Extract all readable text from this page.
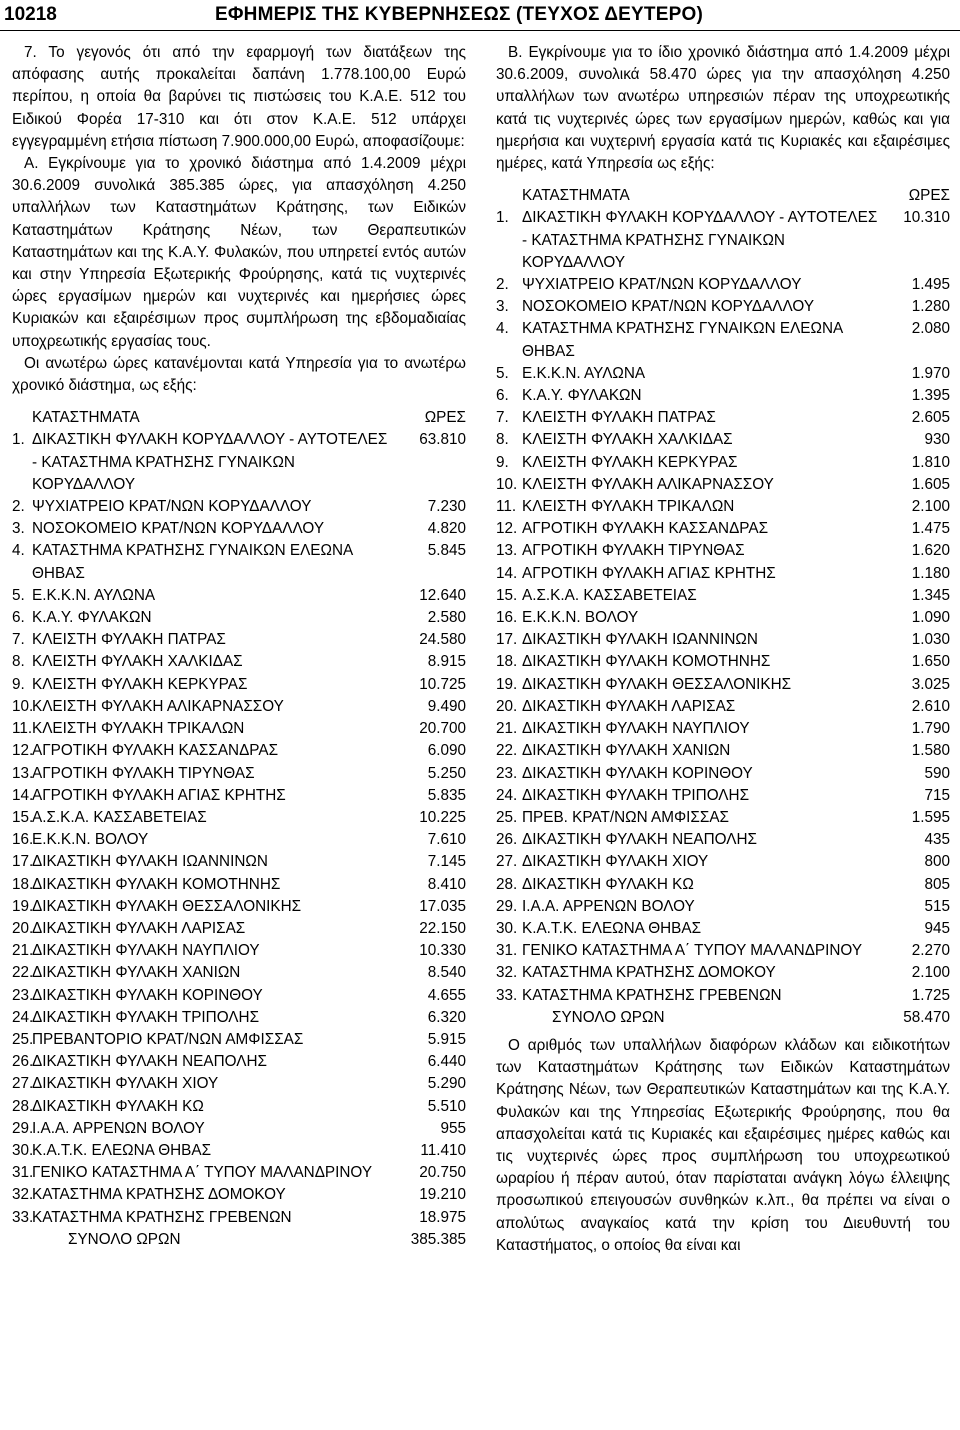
10218	ΕΦΗΜΕΡΙΣ ΤΗΣ ΚΥΒΕΡΝΗΣΕΩΣ (ΤΕΥΧΟΣ ΔΕΥΤΕΡΟ)
7. Το γεγονός ότι από την εφαρμογή των διατάξεων της απόφασης αυτής προκαλείται δαπάνη 1.778.100,00 Ευρώ περίπου, η οποία θα βαρύνει τις πιστώσεις του Κ.Α.Ε. 512 του Ειδικού Φορέα 17-310 και ότι στον Κ.Α.Ε. 512 υπάρχει εγγεγραμμένη ετήσια πίστωση 7.900.000,00 Ευρώ, αποφασίζουμε:
Α. Εγκρίνουμε για το χρονικό διάστημα από 1.4.2009 μέχρι 30.6.2009 συνολικά 385.385 ώρες, για απασχόληση 4.250 υπαλλήλων των Καταστημάτων Κράτησης, των Ειδικών Καταστημάτων Κράτησης Νέων, των Θεραπευτικών Καταστημάτων και της Κ.Α.Υ. Φυλακών, που υπηρετεί εντός αυτών και στην Υπηρεσία Εξωτερικής Φρούρησης, κατά τις νυχτερινές ώρες εργασίμων ημερών και νυχτερινές και ημερήσιες ώρες Κυριακών και εξαιρέσιμων προς συμπλήρωση της εβδομαδιαίας υποχρεωτικής εργασίας τους.
Οι ανωτέρω ώρες κατανέμονται κατά Υπηρεσία για το ανωτέρω χρονικό διάστημα, ως εξής:
ΚΑΤΑΣΤΗΜΑΤΑ	ΩΡΕΣ
1. ΔΙΚΑΣΤΙΚΗ ΦΥΛΑΚΗ ΚΟΡΥΔΑΛΛΟΥ - ΑΥΤΟΤΕΛΕΣ	63.810
- ΚΑΤΑΣΤΗΜΑ ΚΡΑΤΗΣΗΣ ΓΥΝΑΙΚΩΝ ΚΟΡΥΔΑΛΛΟΥ
2. ΨΥΧΙΑΤΡΕΙΟ ΚΡΑΤ/ΝΩΝ ΚΟΡΥΔΑΛΛΟΥ	7.230
3. ΝΟΣΟΚΟΜΕΙΟ ΚΡΑΤ/ΝΩΝ ΚΟΡΥΔΑΛΛΟΥ	4.820
4. ΚΑΤΑΣΤΗΜΑ ΚΡΑΤΗΣΗΣ ΓΥΝΑΙΚΩΝ ΕΛΕΩΝΑ ΘΗΒΑΣ
5.845
5. Ε.Κ.Κ.Ν. ΑΥΛΩΝΑ	12.640
6. Κ.Α.Υ. ΦΥΛΑΚΩΝ	2.580
7. ΚΛΕΙΣΤΗ ΦΥΛΑΚΗ ΠΑΤΡΑΣ	24.580
8. ΚΛΕΙΣΤΗ ΦΥΛΑΚΗ ΧΑΛΚΙΔΑΣ	8.915
9. ΚΛΕΙΣΤΗ ΦΥΛΑΚΗ ΚΕΡΚΥΡΑΣ	10.725
10.
ΚΛΕΙΣΤΗ ΦΥΛΑΚΗ ΑΛΙΚΑΡΝΑΣΣΟΥ	9.490
11. ΚΛΕΙΣΤΗ ΦΥΛΑΚΗ ΤΡΙΚΑΛΩΝ	20.700
12.
ΑΓΡΟΤΙΚΗ ΦΥΛΑΚΗ ΚΑΣΣΑΝΔΡΑΣ	6.090
13.
ΑΓΡΟΤΙΚΗ ΦΥΛΑΚΗ ΤΙΡΥΝΘΑΣ	5.250
14.
ΑΓΡΟΤΙΚΗ ΦΥΛΑΚΗ ΑΓΙΑΣ ΚΡΗΤΗΣ	5.835
15.
Α.Σ.Κ.Α. ΚΑΣΣΑΒΕΤΕΙΑΣ	10.225
16.
Ε.Κ.Κ.Ν. ΒΟΛΟΥ	7.610
17.
ΔΙΚΑΣΤΙΚΗ ΦΥΛΑΚΗ ΙΩΑΝΝΙΝΩΝ	7.145
18.
ΔΙΚΑΣΤΙΚΗ ΦΥΛΑΚΗ ΚΟΜΟΤΗΝΗΣ	8.410
19.
ΔΙΚΑΣΤΙΚΗ ΦΥΛΑΚΗ ΘΕΣΣΑΛΟΝΙΚΗΣ	17.035
20.
ΔΙΚΑΣΤΙΚΗ ΦΥΛΑΚΗ ΛΑΡΙΣΑΣ	22.150
21.
ΔΙΚΑΣΤΙΚΗ ΦΥΛΑΚΗ ΝΑΥΠΛΙΟΥ	10.330
22.
ΔΙΚΑΣΤΙΚΗ ΦΥΛΑΚΗ ΧΑΝΙΩΝ	8.540
23.
ΔΙΚΑΣΤΙΚΗ ΦΥΛΑΚΗ ΚΟΡΙΝΘΟΥ	4.655
24.
ΔΙΚΑΣΤΙΚΗ ΦΥΛΑΚΗ ΤΡΙΠΟΛΗΣ	6.320
25.
ΠΡΕΒΑΝΤΟΡΙΟ ΚΡΑΤ/ΝΩΝ ΑΜΦΙΣΣΑΣ	5.915
26.
ΔΙΚΑΣΤΙΚΗ ΦΥΛΑΚΗ ΝΕΑΠΟΛΗΣ	6.440
27.
ΔΙΚΑΣΤΙΚΗ ΦΥΛΑΚΗ ΧΙΟΥ	5.290
28.
ΔΙΚΑΣΤΙΚΗ ΦΥΛΑΚΗ ΚΩ	5.510
29.
Ι.Α.Α. ΑΡΡΕΝΩΝ ΒΟΛΟΥ	955
30.
Κ.Α.Τ.Κ. ΕΛΕΩΝΑ ΘΗΒΑΣ	11.410
31.
ΓΕΝΙΚΟ ΚΑΤΑΣΤΗΜΑ Α΄ ΤΥΠΟΥ ΜΑΛΑΝΔΡΙΝΟΥ	20.750
32.
ΚΑΤΑΣΤΗΜΑ ΚΡΑΤΗΣΗΣ ΔΟΜΟΚΟΥ	19.210
33.
ΚΑΤΑΣΤΗΜΑ ΚΡΑΤΗΣΗΣ ΓΡΕΒΕΝΩΝ	18.975
ΣΥΝΟΛΟ ΩΡΩΝ	385.385
Β. Εγκρίνουμε για το ίδιο χρονικό διάστημα από 1.4.2009 μέχρι 30.6.2009, συνολικά 58.470 ώρες για την απασχόληση 4.250 υπαλλήλων των ανωτέρω υπηρεσιών πέραν της υποχρεωτικής κατά τις νυχτερινές ώρες των εργασίμων ημερών, καθώς και για ημερήσια και νυχτερινή εργασία κατά τις Κυριακές και εξαιρέσιμες ημέρες, κατά Υπηρεσία ως εξής:
ΚΑΤΑΣΤΗΜΑΤΑ	ΩΡΕΣ
1. ΔΙΚΑΣΤΙΚΗ ΦΥΛΑΚΗ ΚΟΡΥΔΑΛΛΟΥ - ΑΥΤΟΤΕΛΕΣ	10.310
- ΚΑΤΑΣΤΗΜΑ ΚΡΑΤΗΣΗΣ ΓΥΝΑΙΚΩΝ ΚΟΡΥΔΑΛΛΟΥ
2. ΨΥΧΙΑΤΡΕΙΟ ΚΡΑΤ/ΝΩΝ ΚΟΡΥΔΑΛΛΟΥ	1.495
3. ΝΟΣΟΚΟΜΕΙΟ ΚΡΑΤ/ΝΩΝ ΚΟΡΥΔΑΛΛΟΥ	1.280
4. ΚΑΤΑΣΤΗΜΑ ΚΡΑΤΗΣΗΣ ΓΥΝΑΙΚΩΝ ΕΛΕΩΝΑ ΘΗΒΑΣ
2.080
5. Ε.Κ.Κ.Ν. ΑΥΛΩΝΑ	1.970
6. Κ.Α.Υ. ΦΥΛΑΚΩΝ	1.395
7. ΚΛΕΙΣΤΗ ΦΥΛΑΚΗ ΠΑΤΡΑΣ	2.605
8. ΚΛΕΙΣΤΗ ΦΥΛΑΚΗ ΧΑΛΚΙΔΑΣ	930
9. ΚΛΕΙΣΤΗ ΦΥΛΑΚΗ ΚΕΡΚΥΡΑΣ	1.810
10. ΚΛΕΙΣΤΗ ΦΥΛΑΚΗ ΑΛΙΚΑΡΝΑΣΣΟΥ	1.605
11. ΚΛΕΙΣΤΗ ΦΥΛΑΚΗ ΤΡΙΚΑΛΩΝ	2.100
12. ΑΓΡΟΤΙΚΗ ΦΥΛΑΚΗ ΚΑΣΣΑΝΔΡΑΣ	1.475
13. ΑΓΡΟΤΙΚΗ ΦΥΛΑΚΗ ΤΙΡΥΝΘΑΣ	1.620
14. ΑΓΡΟΤΙΚΗ ΦΥΛΑΚΗ ΑΓΙΑΣ ΚΡΗΤΗΣ	1.180
15. Α.Σ.Κ.Α. ΚΑΣΣΑΒΕΤΕΙΑΣ	1.345
16. Ε.Κ.Κ.Ν. ΒΟΛΟΥ	1.090
17. ΔΙΚΑΣΤΙΚΗ ΦΥΛΑΚΗ ΙΩΑΝΝΙΝΩΝ	1.030
18. ΔΙΚΑΣΤΙΚΗ ΦΥΛΑΚΗ ΚΟΜΟΤΗΝΗΣ	1.650
19. ΔΙΚΑΣΤΙΚΗ ΦΥΛΑΚΗ ΘΕΣΣΑΛΟΝΙΚΗΣ	3.025
20. ΔΙΚΑΣΤΙΚΗ ΦΥΛΑΚΗ ΛΑΡΙΣΑΣ	2.610
21. ΔΙΚΑΣΤΙΚΗ ΦΥΛΑΚΗ ΝΑΥΠΛΙΟΥ	1.790
22. ΔΙΚΑΣΤΙΚΗ ΦΥΛΑΚΗ ΧΑΝΙΩΝ	1.580
23. ΔΙΚΑΣΤΙΚΗ ΦΥΛΑΚΗ ΚΟΡΙΝΘΟΥ	590
24. ΔΙΚΑΣΤΙΚΗ ΦΥΛΑΚΗ ΤΡΙΠΟΛΗΣ	715
25. ΠΡΕΒ. ΚΡΑΤ/ΝΩΝ ΑΜΦΙΣΣΑΣ	1.595
26. ΔΙΚΑΣΤΙΚΗ ΦΥΛΑΚΗ ΝΕΑΠΟΛΗΣ	435
27. ΔΙΚΑΣΤΙΚΗ ΦΥΛΑΚΗ ΧΙΟΥ	800
28. ΔΙΚΑΣΤΙΚΗ ΦΥΛΑΚΗ ΚΩ	805
29. Ι.Α.Α. ΑΡΡΕΝΩΝ ΒΟΛΟΥ	515
30. Κ.Α.Τ.Κ. ΕΛΕΩΝΑ ΘΗΒΑΣ	945
31. ΓΕΝΙΚΟ ΚΑΤΑΣΤΗΜΑ Α΄ ΤΥΠΟΥ ΜΑΛΑΝΔΡΙΝΟΥ	2.270
32. ΚΑΤΑΣΤΗΜΑ ΚΡΑΤΗΣΗΣ ΔΟΜΟΚΟΥ	2.100
33. ΚΑΤΑΣΤΗΜΑ ΚΡΑΤΗΣΗΣ ΓΡΕΒΕΝΩΝ	1.725
ΣΥΝΟΛΟ ΩΡΩΝ	58.470
Ο αριθμός των υπαλλήλων διαφόρων κλάδων και ειδικοτήτων των Καταστημάτων Κράτησης των Ειδικών Καταστημάτων Κράτησης Νέων, των Θεραπευτικών Καταστημάτων και της Κ.Α.Υ. Φυλακών και της Υπηρεσίας Εξωτερικής Φρούρησης, που θα απασχολείται κατά τις Κυριακές και εξαιρέσιμες ημέρες καθώς και τις νυχτερινές ώρες προς συμπλήρωση του υποχρεωτικού ωραρίου ή πέραν αυτού, όταν παρίσταται ανάγκη λόγω έλλειψης προσωπικού επειγουσών συνθηκών κ.λπ., θα πρέπει να είναι ο απολύτως αναγκαίος κατά την κρίση του Διευθυντή του Καταστήματος, ο οποίος θα είναι και
